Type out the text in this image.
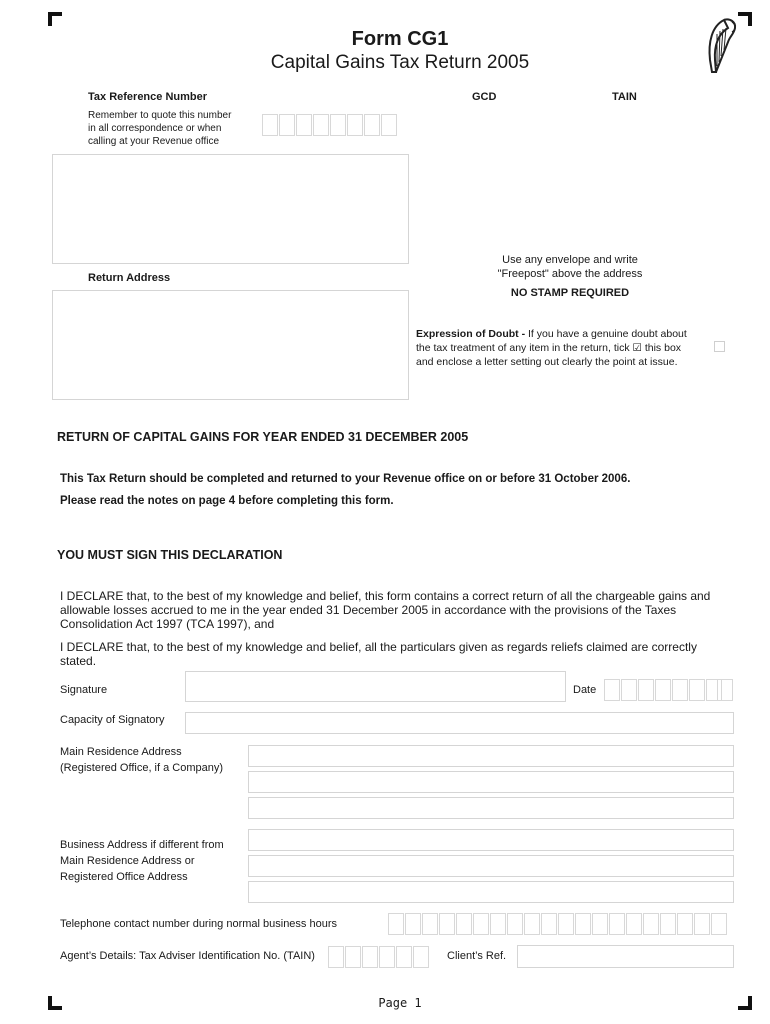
Form CG1
Capital Gains Tax Return 2005
Tax Reference Number
Remember to quote this number
in all correspondence or when
calling at your Revenue office
GCD	TAIN
Return Address
Use any envelope and write
"Freepost" above the address
NO STAMP REQUIRED
Expression of Doubt - If you have a genuine doubt about
the tax treatment of any item in the return, tick ☑ this box
and enclose a letter setting out clearly the point at issue.
RETURN OF CAPITAL GAINS FOR YEAR ENDED 31 DECEMBER 2005
This Tax Return should be completed and returned to your Revenue office on or before 31 October 2006.
Please read the notes on page 4 before completing this form.
YOU MUST SIGN THIS DECLARATION
I DECLARE that, to the best of my knowledge and belief, this form contains a correct return of all the chargeable gains and
allowable losses accrued to me in the year ended 31 December 2005 in accordance with the provisions of the Taxes
Consolidation Act 1997 (TCA 1997), and
I DECLARE that, to the best of my knowledge and belief, all the particulars given as regards reliefs claimed are correctly
stated.
Signature	Date
Capacity of Signatory
Main Residence Address
(Registered Office, if a Company)
Business Address if different from
Main Residence Address or
Registered Office Address
Telephone contact number during normal business hours
Agent’s Details: Tax Adviser Identification No. (TAIN)	Client’s Ref.
Page 1
